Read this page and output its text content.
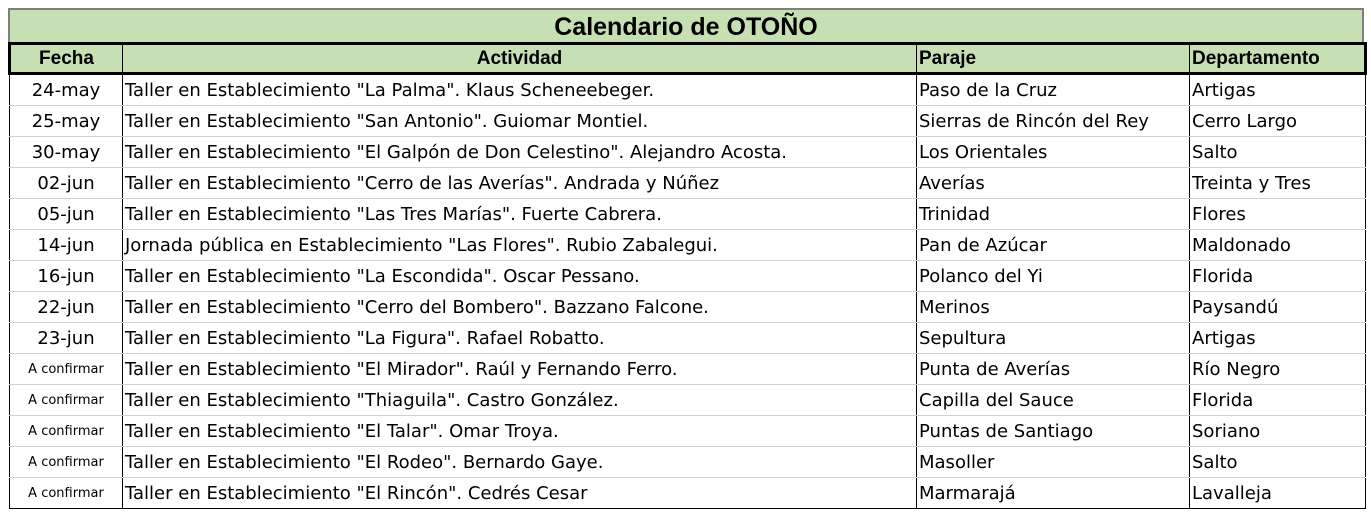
Calendario de OTOÑO
Fecha	Actividad	Paraje	Departamento
24-may	Taller en Establecimiento "La Palma". Klaus Scheneebeger.	Paso de la Cruz	Artigas
25-may	Taller en Establecimiento "San Antonio". Guiomar Montiel.	Sierras de Rincón del Rey	Cerro Largo
30-may	Taller en Establecimiento "El Galpón de Don Celestino". Alejandro Acosta.	Los Orientales	Salto
02-jun	Taller en Establecimiento "Cerro de las Averías". Andrada y Núñez	Averías	Treinta y Tres
05-jun	Taller en Establecimiento "Las Tres Marías". Fuerte Cabrera.	Trinidad	Flores
14-jun	Jornada pública en Establecimiento "Las Flores". Rubio Zabalegui.	Pan de Azúcar	Maldonado
16-jun	Taller en Establecimiento "La Escondida". Oscar Pessano.	Polanco del Yi	Florida
22-jun	Taller en Establecimiento "Cerro del Bombero". Bazzano Falcone.	Merinos	Paysandú
23-jun	Taller en Establecimiento "La Figura". Rafael Robatto.	Sepultura	Artigas
A confirmar	Taller en Establecimiento "El Mirador". Raúl y Fernando Ferro.	Punta de Averías	Río Negro
A confirmar	Taller en Establecimiento "Thiaguila". Castro González.	Capilla del Sauce	Florida
A confirmar	Taller en Establecimiento "El Talar". Omar Troya.	Puntas de Santiago	Soriano
A confirmar	Taller en Establecimiento "El Rodeo". Bernardo Gaye.	Masoller	Salto
A confirmar	Taller en Establecimiento "El Rincón". Cedrés Cesar	Marmarajá	Lavalleja
